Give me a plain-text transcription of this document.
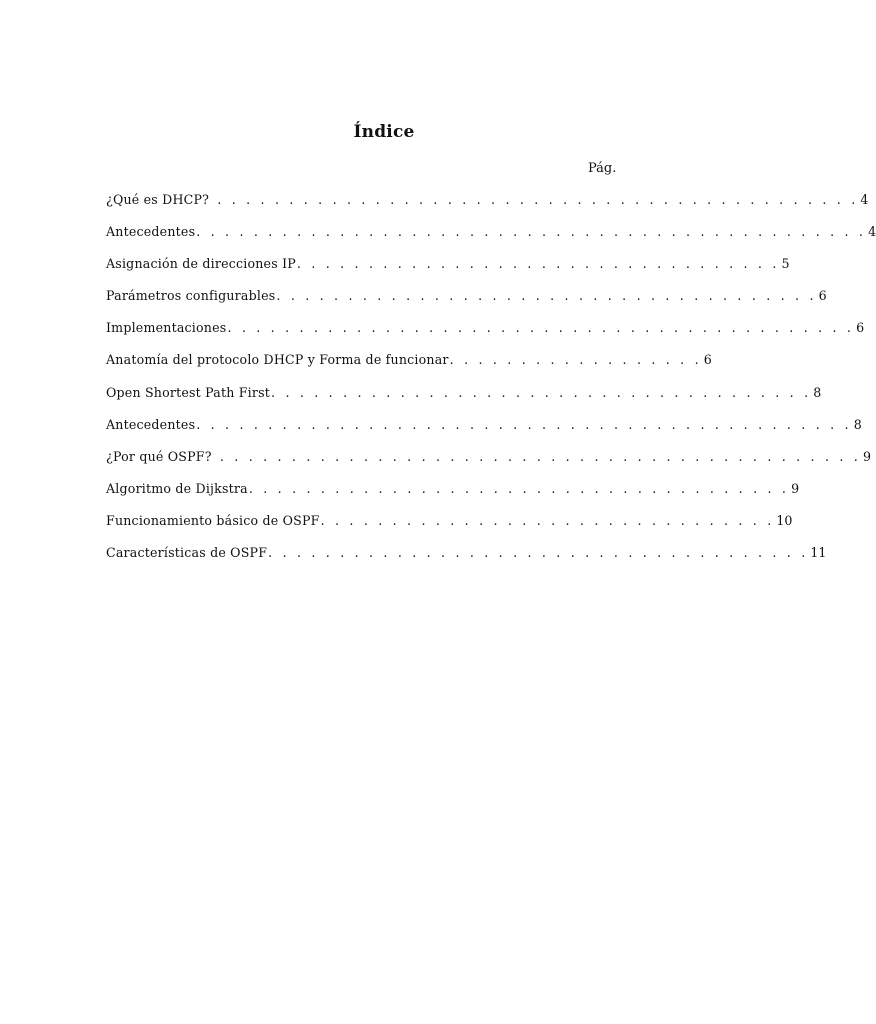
Índice
Pág.
¿Qué es DHCP? . . . . . . . . . . . . . . . . . . . . . . . . . . . . . . . . . . . . . . . . . . . . . 4
Antecedentes. . . . . . . . . . . . . . . . . . . . . . . . . . . . . . . . . . . . . . . . . . . . . . . 4
Asignación de direcciones IP. . . . . . . . . . . . . . . . . . . . . . . . . . . . . . . . . . 5
Parámetros configurables. . . . . . . . . . . . . . . . . . . . . . . . . . . . . . . . . . . . . . 6
Implementaciones. . . . . . . . . . . . . . . . . . . . . . . . . . . . . . . . . . . . . . . . . . . . 6
Anatomía del protocolo DHCP y Forma de funcionar. . . . . . . . . . . . . . . . . . 6
Open Shortest Path First. . . . . . . . . . . . . . . . . . . . . . . . . . . . . . . . . . . . . . 8
Antecedentes. . . . . . . . . . . . . . . . . . . . . . . . . . . . . . . . . . . . . . . . . . . . . . 8
¿Por qué OSPF? . . . . . . . . . . . . . . . . . . . . . . . . . . . . . . . . . . . . . . . . . . . . . 9
Algoritmo de Dijkstra. . . . . . . . . . . . . . . . . . . . . . . . . . . . . . . . . . . . . . 9
Funcionamiento básico de OSPF. . . . . . . . . . . . . . . . . . . . . . . . . . . . . . . . 10
Características de OSPF. . . . . . . . . . . . . . . . . . . . . . . . . . . . . . . . . . . . . . 11
